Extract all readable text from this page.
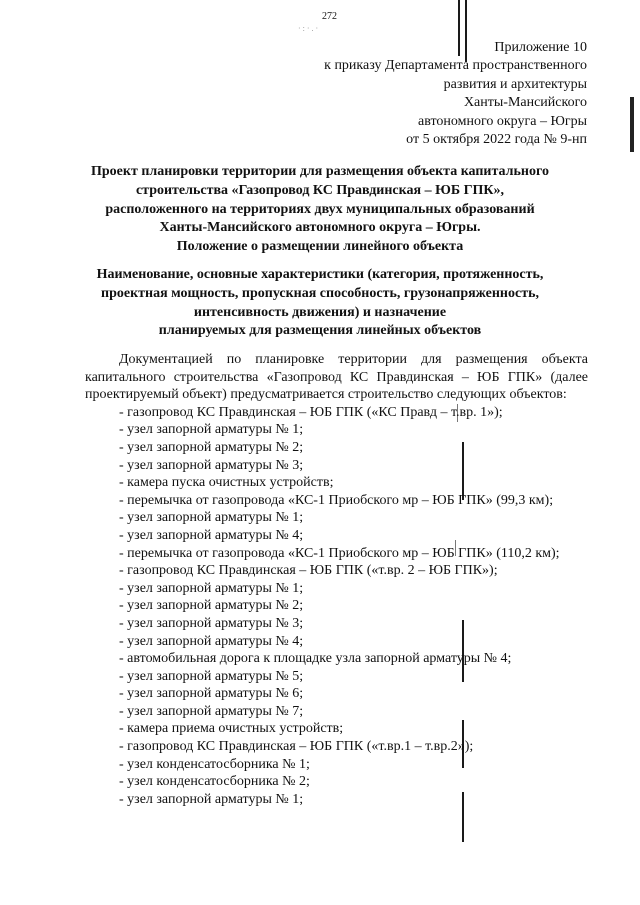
272
·:·.·
Приложение 10
к приказу Департамента пространственного
развития и архитектуры
Ханты-Мансийского
автономного округа – Югры
от 5 октября 2022 года № 9-нп
Проект планировки территории для размещения объекта капитального
строительства «Газопровод КС Правдинская – ЮБ ГПК»,
расположенного на территориях двух муниципальных образований
Ханты-Мансийского автономного округа – Югры.
Положение о размещении линейного объекта
Наименование, основные характеристики (категория, протяженность,
проектная мощность, пропускная способность, грузонапряженность,
интенсивность движения) и назначение
планируемых для размещения линейных объектов

Документацией по планировке территории для размещения объекта капитального строительства «Газопровод КС Правдинская – ЮБ ГПК» (далее проектируемый объект) предусматривается строительство следующих объектов:

- газопровод КС Правдинская – ЮБ ГПК («КС Правд – т.вр. 1»);
- узел запорной арматуры № 1;
- узел запорной арматуры № 2;
- узел запорной арматуры № 3;
- камера пуска очистных устройств;
- перемычка от газопровода «КС-1 Приобского мр – ЮБ ГПК» (99,3 км);
- узел запорной арматуры № 1;
- узел запорной арматуры № 4;
- перемычка от газопровода «КС-1 Приобского мр – ЮБ ГПК» (110,2 км);
- газопровод КС Правдинская – ЮБ ГПК («т.вр. 2 – ЮБ ГПК»);
- узел запорной арматуры № 1;
- узел запорной арматуры № 2;
- узел запорной арматуры № 3;
- узел запорной арматуры № 4;
- автомобильная дорога к площадке узла запорной арматуры № 4;
- узел запорной арматуры № 5;
- узел запорной арматуры № 6;
- узел запорной арматуры № 7;
- камера приема очистных устройств;
- газопровод КС Правдинская – ЮБ ГПК («т.вр.1 – т.вр.2»);
- узел конденсатосборника № 1;
- узел конденсатосборника № 2;
- узел запорной арматуры № 1;
